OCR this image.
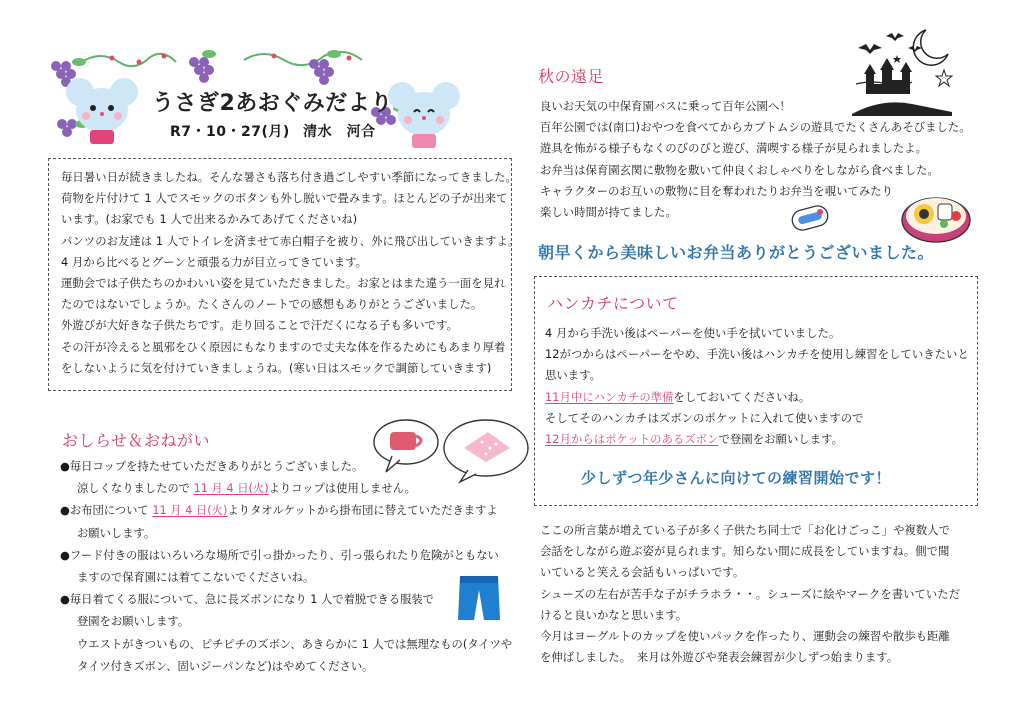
うさぎ2あおぐみだより
R7・10・27(月) 清水　河合

毎日暑い日が続きましたね。そんな暑さも落ち付き過ごしやすい季節になってきました。

荷物を片付けて 1 人でスモックのボタンも外し脱いで畳みます。ほとんどの子が出来て

います。(お家でも 1 人で出来るかみてあげてくださいね)

パンツのお友達は 1 人でトイレを済ませて赤白帽子を被り、外に飛び出していきますよ。

4 月から比べるとグーンと頑張る力が目立ってきています。

運動会では子供たちのかわいい姿を見ていただきました。お家とはまた違う一面を見れ

たのではないでしょうか。たくさんのノートでの感想もありがとうございました。

外遊びが大好きな子供たちです。走り回ることで汗だくになる子も多いです。

その汗が冷えると風邪をひく原因にもなりますので丈夫な体を作るためにもあまり厚着

をしないように気を付けていきましょうね。(寒い日はスモックで調節していきます)

おしらせ＆おねがい

●毎日コップを持たせていただきありがとうございました。

涼しくなりましたので 11 月 4 日(火)よりコップは使用しません。

●お布団について 11 月 4 日(火)よりタオルケットから掛布団に替えていただきますよ

お願いします。

●フード付きの服はいろいろな場所で引っ掛かったり、引っ張られたり危険がともない

ますので保育園には着てこないでくださいね。

●毎日着てくる服について、急に長ズボンになり 1 人で着脱できる服装で

登園をお願いします。

ウエストがきついもの、ピチピチのズボン、あきらかに 1 人では無理なもの(タイツや

タイツ付きズボン、固いジーパンなど)はやめてください。

秋の遠足

良いお天気の中保育園バスに乗って百年公園へ！

百年公園では(南口)おやつを食べてからカブトムシの遊具でたくさんあそびました。

遊具を怖がる様子もなくのびのびと遊び、満喫する様子が見られましたよ。

お弁当は保育園玄関に敷物を敷いて仲良くおしゃべりをしながら食べました。

キャラクターのお互いの敷物に目を奪われたりお弁当を覗いてみたり

楽しい時間が持てました。

朝早くから美味しいお弁当ありがとうございました。
ハンカチについて

4 月から手洗い後はペーパーを使い手を拭いていました。

12がつからはペーパーをやめ、手洗い後はハンカチを使用し練習をしていきたいと

思います。

11月中にハンカチの準備をしておいてくださいね。

そしてそのハンカチはズボンのポケットに入れて使いますので

12月からはポケットのあるズボンで登園をお願いします。

少しずつ年少さんに向けての練習開始です！

ここの所言葉が増えている子が多く子供たち同士で「お化けごっこ」や複数人で

会話をしながら遊ぶ姿が見られます。知らない間に成長をしていますね。側で聞

いていると笑える会話もいっぱいです。

シューズの左右が苦手な子がチラホラ・・。シューズに絵やマークを書いていただ

けると良いかなと思います。

今月はヨーグルトのカップを使いパックを作ったり、運動会の練習や散歩も距離

を伸ばしました。　来月は外遊びや発表会練習が少しずつ始まります。
